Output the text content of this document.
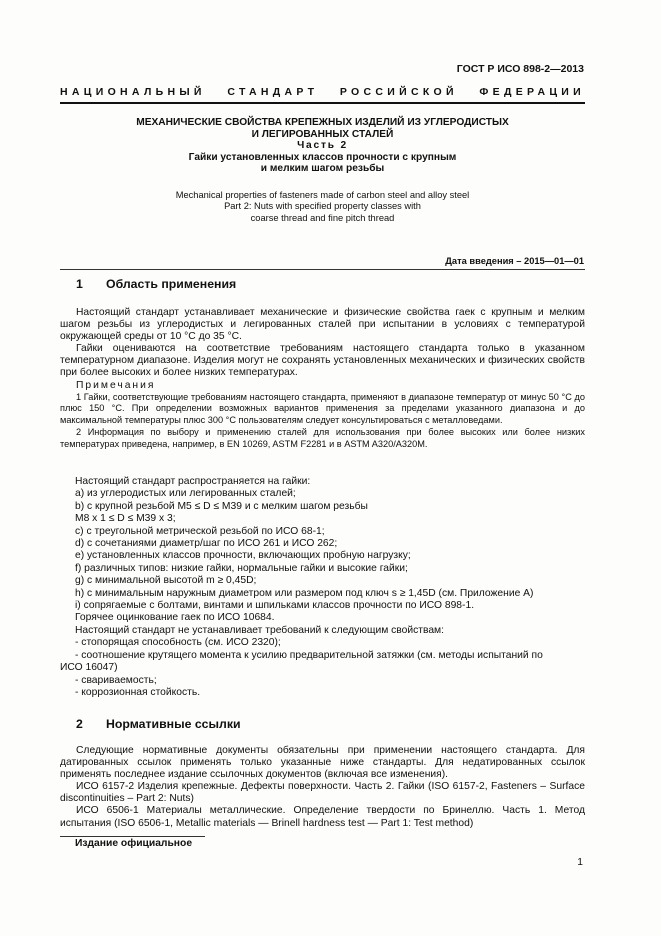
ГОСТ Р ИСО 898-2—2013
НАЦИОНАЛЬНЫЙ СТАНДАРТ РОССИЙСКОЙ ФЕДЕРАЦИИ
МЕХАНИЧЕСКИЕ СВОЙСТВА КРЕПЕЖНЫХ ИЗДЕЛИЙ ИЗ УГЛЕРОДИСТЫХ
И ЛЕГИРОВАННЫХ СТАЛЕЙ
Часть 2
Гайки установленных классов прочности с крупным
и мелким шагом резьбы
Mechanical properties of fasteners made of carbon steel and alloy steel
Part 2: Nuts with specified property classes with
coarse thread and fine pitch thread
Дата введения – 2015—01—01
1 Область применения
Настоящий стандарт устанавливает механические и физические свойства гаек с крупным и мелким шагом резьбы из углеродистых и легированных сталей при испытании в условиях с температурой окружающей среды от 10 °С до 35 °С.
Гайки оцениваются на соответствие требованиям настоящего стандарта только в указанном температурном диапазоне. Изделия могут не сохранять установленных механических и физических свойств при более высоких и более низких температурах.
Примечания
1 Гайки, соответствующие требованиям настоящего стандарта, применяют в диапазоне температур от минус 50 °С до плюс 150 °С. При определении возможных вариантов применения за пределами указанного диапазона и до максимальной температуры плюс 300 °С пользователям следует консультироваться с металловедами.
2 Информация по выбору и применению сталей для использования при более высоких или более низких температурах приведена, например, в EN 10269, ASTM F2281 и в ASTM A320/A320M.
Настоящий стандарт распространяется на гайки:
a) из углеродистых или легированных сталей;
b) с крупной резьбой M5 ≤ D ≤ M39 и с мелким шагом резьбы
M8 x 1 ≤ D ≤ M39 x 3;
c) с треугольной метрической резьбой по ИСО 68-1;
d) с сочетаниями диаметр/шаг по ИСО 261 и ИСО 262;
e) установленных классов прочности, включающих пробную нагрузку;
f) различных типов: низкие гайки, нормальные гайки и высокие гайки;
g) с минимальной высотой m ≥ 0,45D;
h) с минимальным наружным диаметром или размером под ключ s ≥ 1,45D (см. Приложение А)
i) сопрягаемые с болтами, винтами и шпильками классов прочности по ИСО 898-1.
Горячее оцинкование гаек по ИСО 10684.
Настоящий стандарт не устанавливает требований к следующим свойствам:
- стопорящая способность (см. ИСО 2320);
- соотношение крутящего момента к усилию предварительной затяжки (см. методы испытаний по
ИСО 16047)
- свариваемость;
- коррозионная стойкость.
2 Нормативные ссылки
Следующие нормативные документы обязательны при применении настоящего стандарта. Для датированных ссылок применять только указанные ниже стандарты. Для недатированных ссылок применять последнее издание ссылочных документов (включая все изменения).
ИСО 6157-2 Изделия крепежные. Дефекты поверхности. Часть 2. Гайки (ISO 6157-2, Fasteners – Surface discontinuities – Part 2: Nuts)
ИСО 6506-1 Материалы металлические. Определение твердости по Бринеллю. Часть 1. Метод испытания (ISO 6506-1, Metallic materials — Brinell hardness test — Part 1: Test method)
Издание официальное
1
